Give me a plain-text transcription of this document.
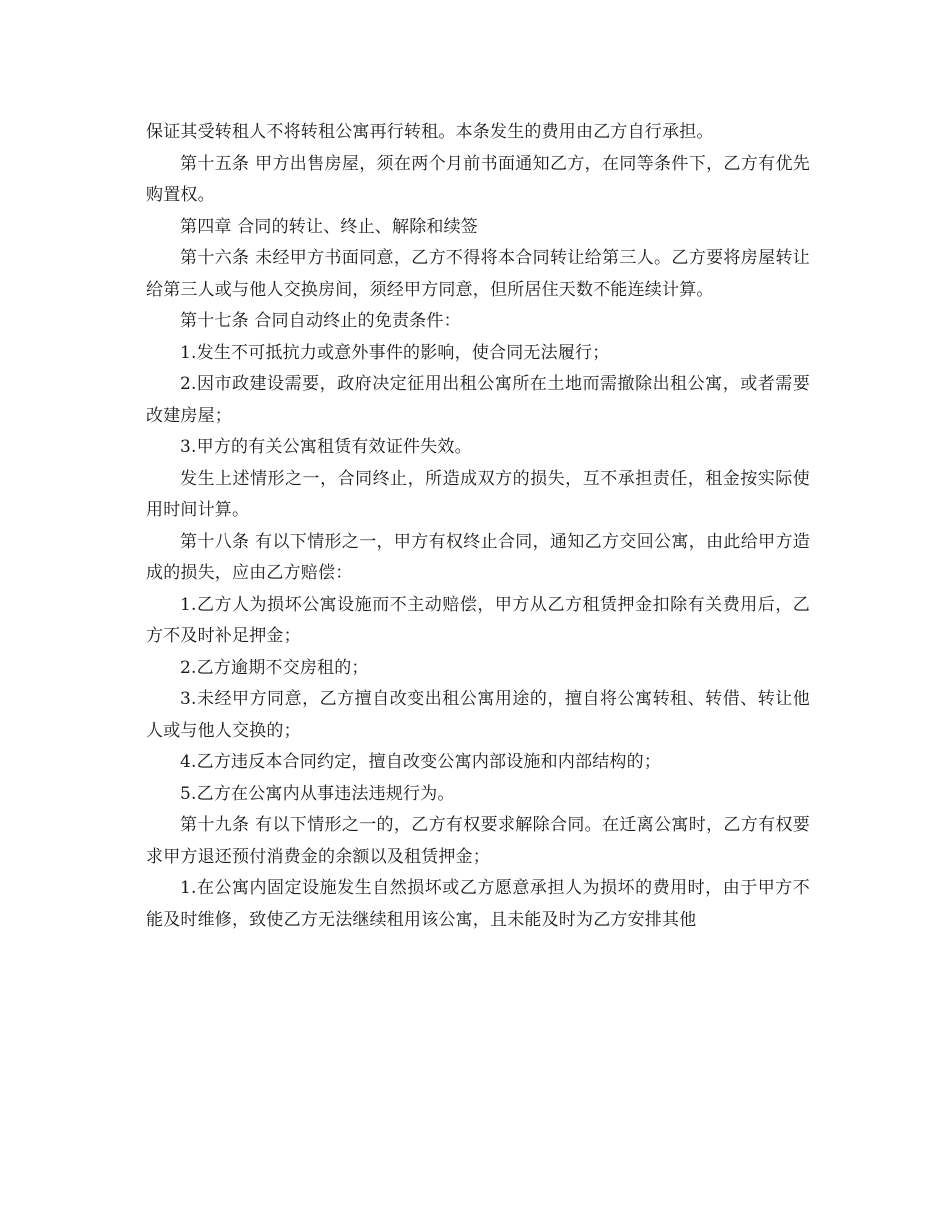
保证其受转租人不将转租公寓再行转租。本条发生的费用由乙方自行承担。

第十五条 甲方出售房屋，须在两个月前书面通知乙方，在同等条件下，乙方有优先购置权。

第四章 合同的转让、终止、解除和续签

第十六条 未经甲方书面同意，乙方不得将本合同转让给第三人。乙方要将房屋转让给第三人或与他人交换房间，须经甲方同意，但所居住天数不能连续计算。

第十七条 合同自动终止的免责条件：

1.发生不可抵抗力或意外事件的影响，使合同无法履行；

2.因市政建设需要，政府决定征用出租公寓所在土地而需撤除出租公寓，或者需要改建房屋；

3.甲方的有关公寓租赁有效证件失效。

发生上述情形之一，合同终止，所造成双方的损失，互不承担责任，租金按实际使用时间计算。

第十八条 有以下情形之一，甲方有权终止合同，通知乙方交回公寓，由此给甲方造成的损失，应由乙方赔偿：

1.乙方人为损坏公寓设施而不主动赔偿，甲方从乙方租赁押金扣除有关费用后，乙方不及时补足押金；

2.乙方逾期不交房租的；

3.未经甲方同意，乙方擅自改变出租公寓用途的，擅自将公寓转租、转借、转让他人或与他人交换的；

4.乙方违反本合同约定，擅自改变公寓内部设施和内部结构的；

5.乙方在公寓内从事违法违规行为。

第十九条 有以下情形之一的，乙方有权要求解除合同。在迁离公寓时，乙方有权要求甲方退还预付消费金的余额以及租赁押金；

1.在公寓内固定设施发生自然损坏或乙方愿意承担人为损坏的费用时，由于甲方不能及时维修，致使乙方无法继续租用该公寓，且未能及时为乙方安排其他
